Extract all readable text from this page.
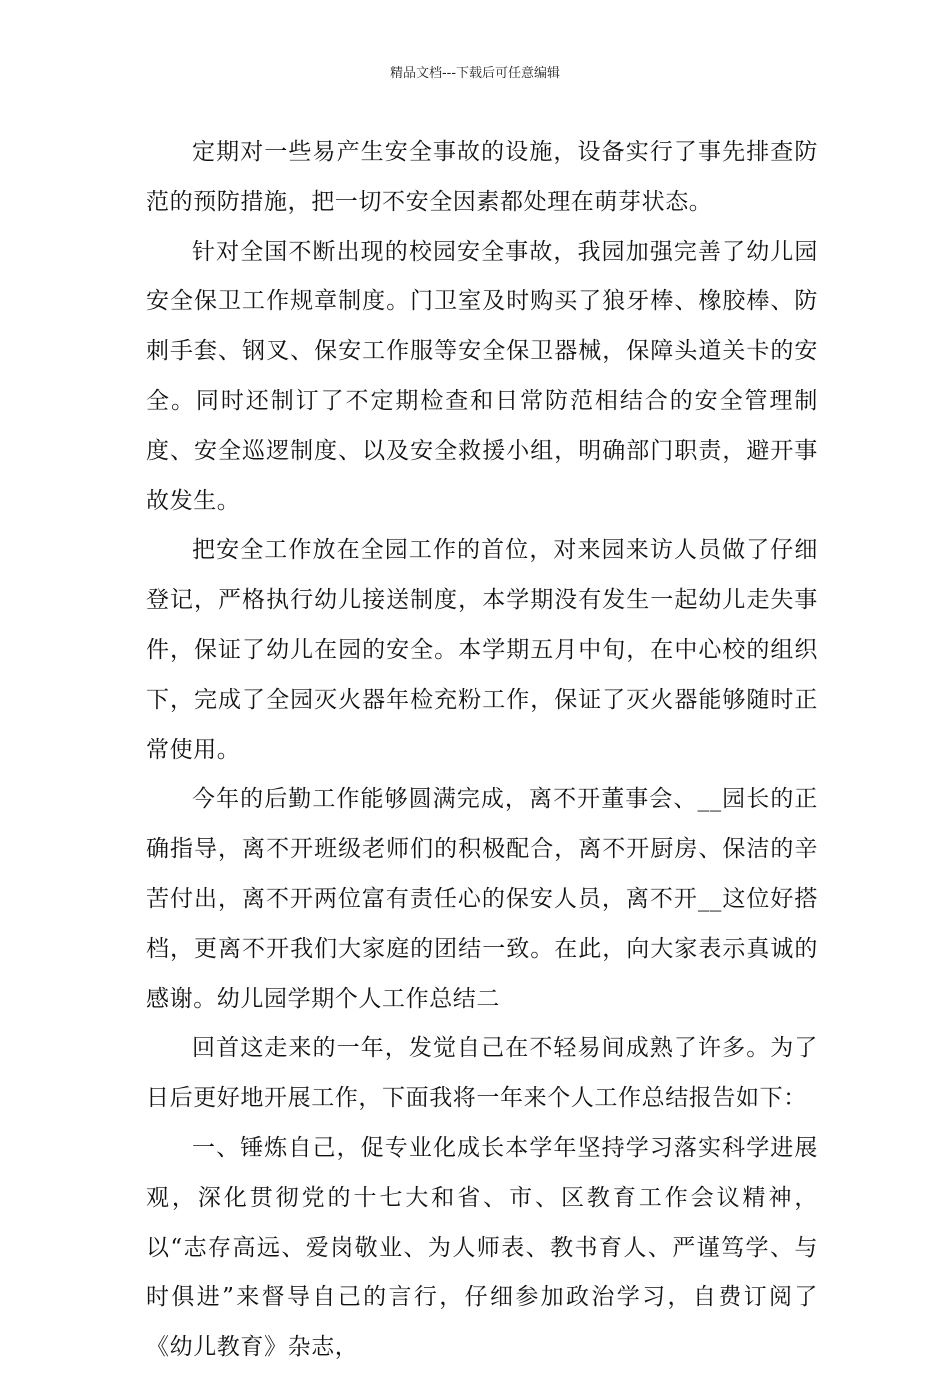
精品文档---下载后可任意编辑

定期对一些易产生安全事故的设施，设备实行了事先排查防范的预防措施，把一切不安全因素都处理在萌芽状态。

针对全国不断出现的校园安全事故，我园加强完善了幼儿园安全保卫工作规章制度。门卫室及时购买了狼牙棒、橡胶棒、防刺手套、钢叉、保安工作服等安全保卫器械，保障头道关卡的安全。同时还制订了不定期检查和日常防范相结合的安全管理制度、安全巡逻制度、以及安全救援小组，明确部门职责，避开事故发生。

把安全工作放在全园工作的首位，对来园来访人员做了仔细登记，严格执行幼儿接送制度，本学期没有发生一起幼儿走失事件，保证了幼儿在园的安全。本学期五月中旬，在中心校的组织下，完成了全园灭火器年检充粉工作，保证了灭火器能够随时正常使用。

今年的后勤工作能够圆满完成，离不开董事会、__园长的正确指导，离不开班级老师们的积极配合，离不开厨房、保洁的辛苦付出，离不开两位富有责任心的保安人员，离不开__这位好搭档，更离不开我们大家庭的团结一致。在此，向大家表示真诚的感谢。幼儿园学期个人工作总结二

回首这走来的一年，发觉自己在不轻易间成熟了许多。为了日后更好地开展工作，下面我将一年来个人工作总结报告如下：

一、锤炼自己，促专业化成长本学年坚持学习落实科学进展观，深化贯彻党的十七大和省、市、区教育工作会议精神，以“志存高远、爱岗敬业、为人师表、教书育人、严谨笃学、与时俱进”来督导自己的言行，仔细参加政治学习，自费订阅了《幼儿教育》杂志，
